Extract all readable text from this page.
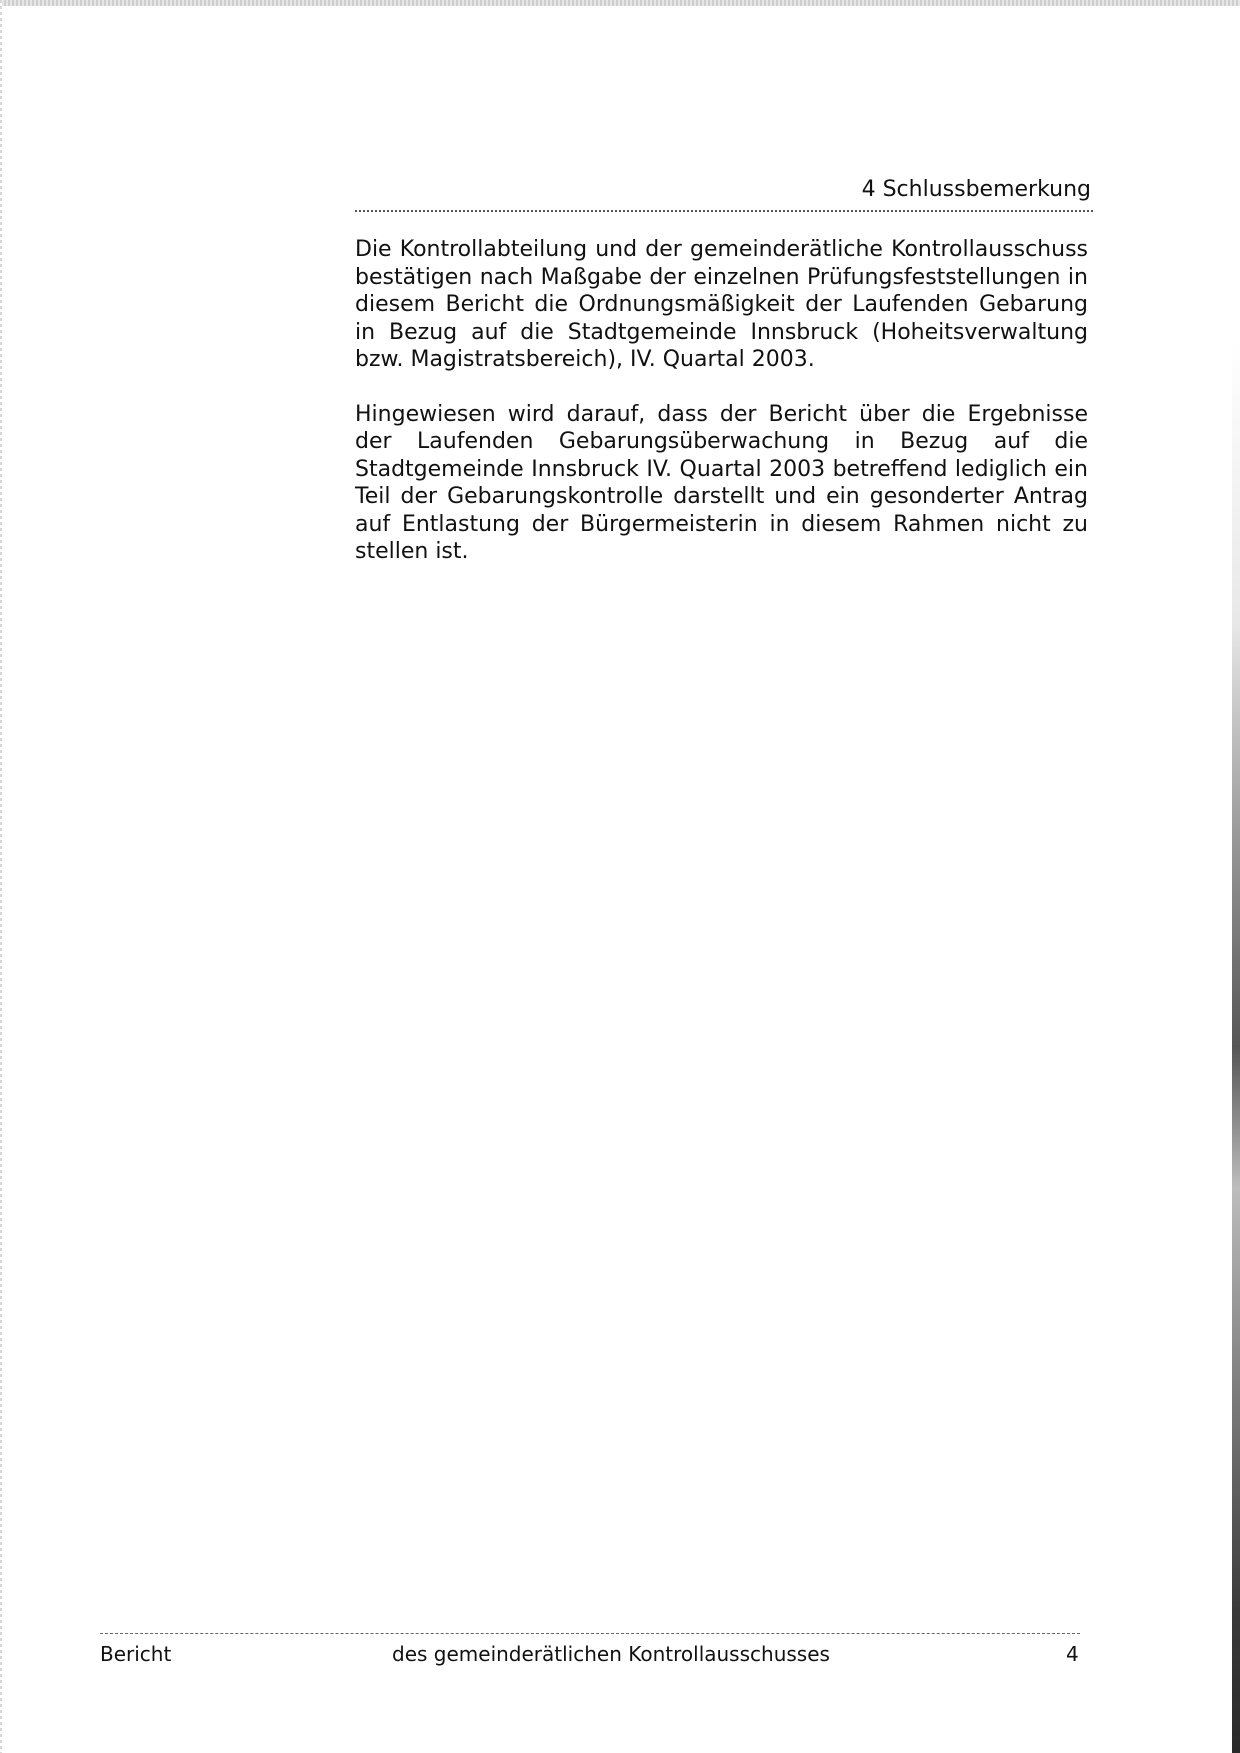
4 Schlussbemerkung

Die Kontrollabteilung und der gemeinderätliche Kontrollausschuss bestätigen nach Maßgabe der einzelnen Prüfungsfeststellungen in diesem Bericht die Ordnungsmäßigkeit der Laufenden Gebarung in Bezug auf die Stadtgemeinde Innsbruck (Hoheitsverwaltung bzw. Magistratsbereich), IV. Quartal 2003.

Hingewiesen wird darauf, dass der Bericht über die Ergebnisse der Laufenden Gebarungsüberwachung in Bezug auf die Stadtgemeinde Innsbruck IV. Quartal 2003 betreffend lediglich ein Teil der Gebarungskontrolle darstellt und ein gesonderter Antrag auf Entlastung der Bürgermeisterin in diesem Rahmen nicht zu stellen ist.

Bericht	des gemeinderätlichen Kontrollausschusses	4
